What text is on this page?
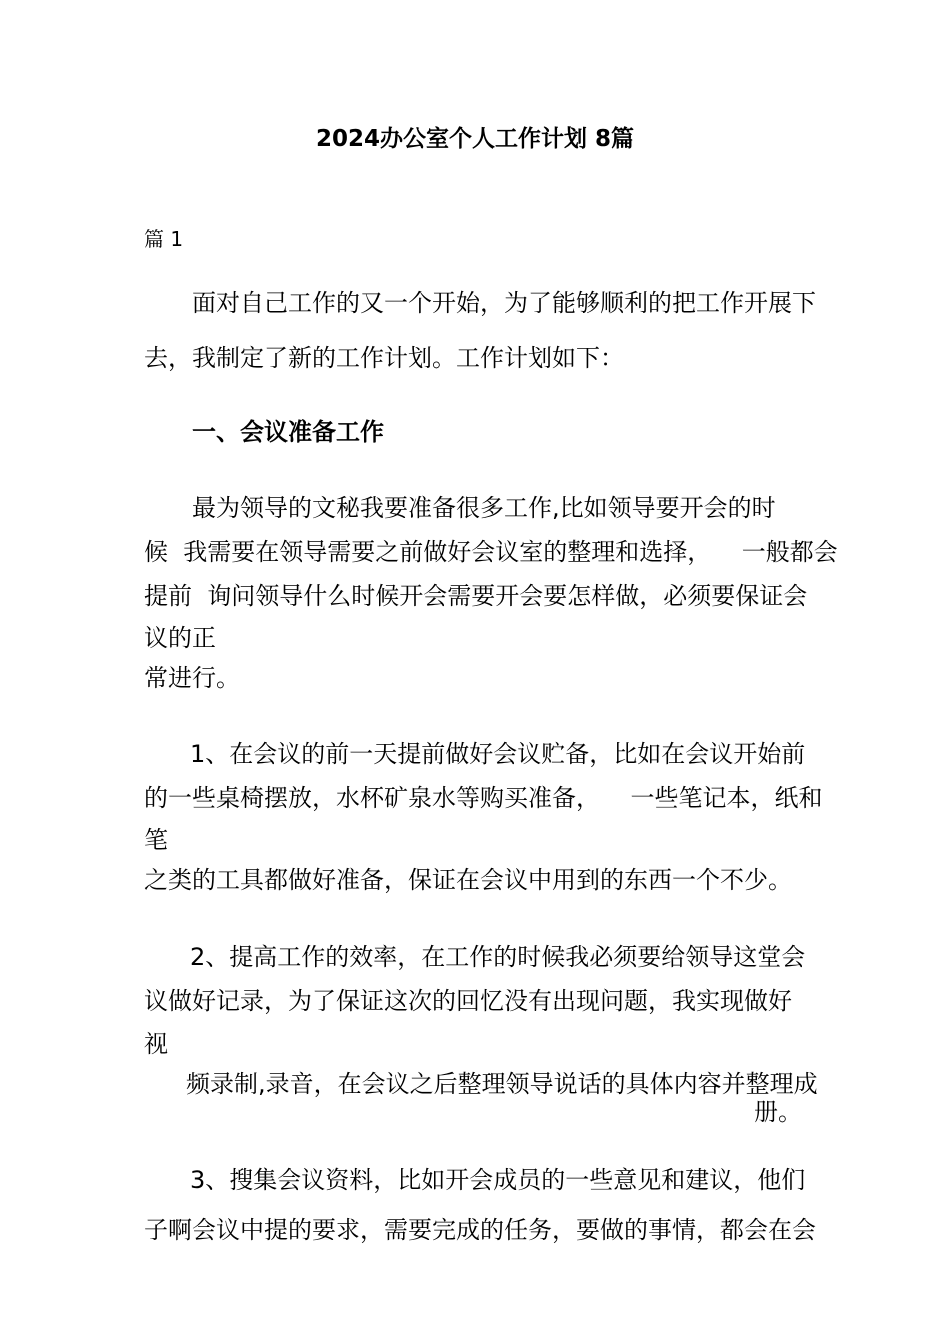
2024办公室个人工作计划 8篇
篇 1

面对自己工作的又一个开始，为了能够顺利的把工作开展下

去，我制定了新的工作计划。工作计划如下：

一、会议准备工作

最为领导的文秘我要准备很多工作,比如领导要开会的时

候  我需要在领导需要之前做好会议室的整理和选择，    一般都会

提前  询问领导什么时候开会需要开会要怎样做，必须要保证会

议的正

常进行。

1、在会议的前一天提前做好会议贮备，比如在会议开始前

的一些桌椅摆放，水杯矿泉水等购买准备，    一些笔记本，纸和

笔

之类的工具都做好准备，保证在会议中用到的东西一个不少。

2、提高工作的效率，在工作的时候我必须要给领导这堂会

议做好记录，为了保证这次的回忆没有出现问题，我实现做好

视

频录制,录音，在会议之后整理领导说话的具体内容并整理成

册。

3、搜集会议资料，比如开会成员的一些意见和建议，他们

子啊会议中提的要求，需要完成的任务，要做的事情，都会在会
